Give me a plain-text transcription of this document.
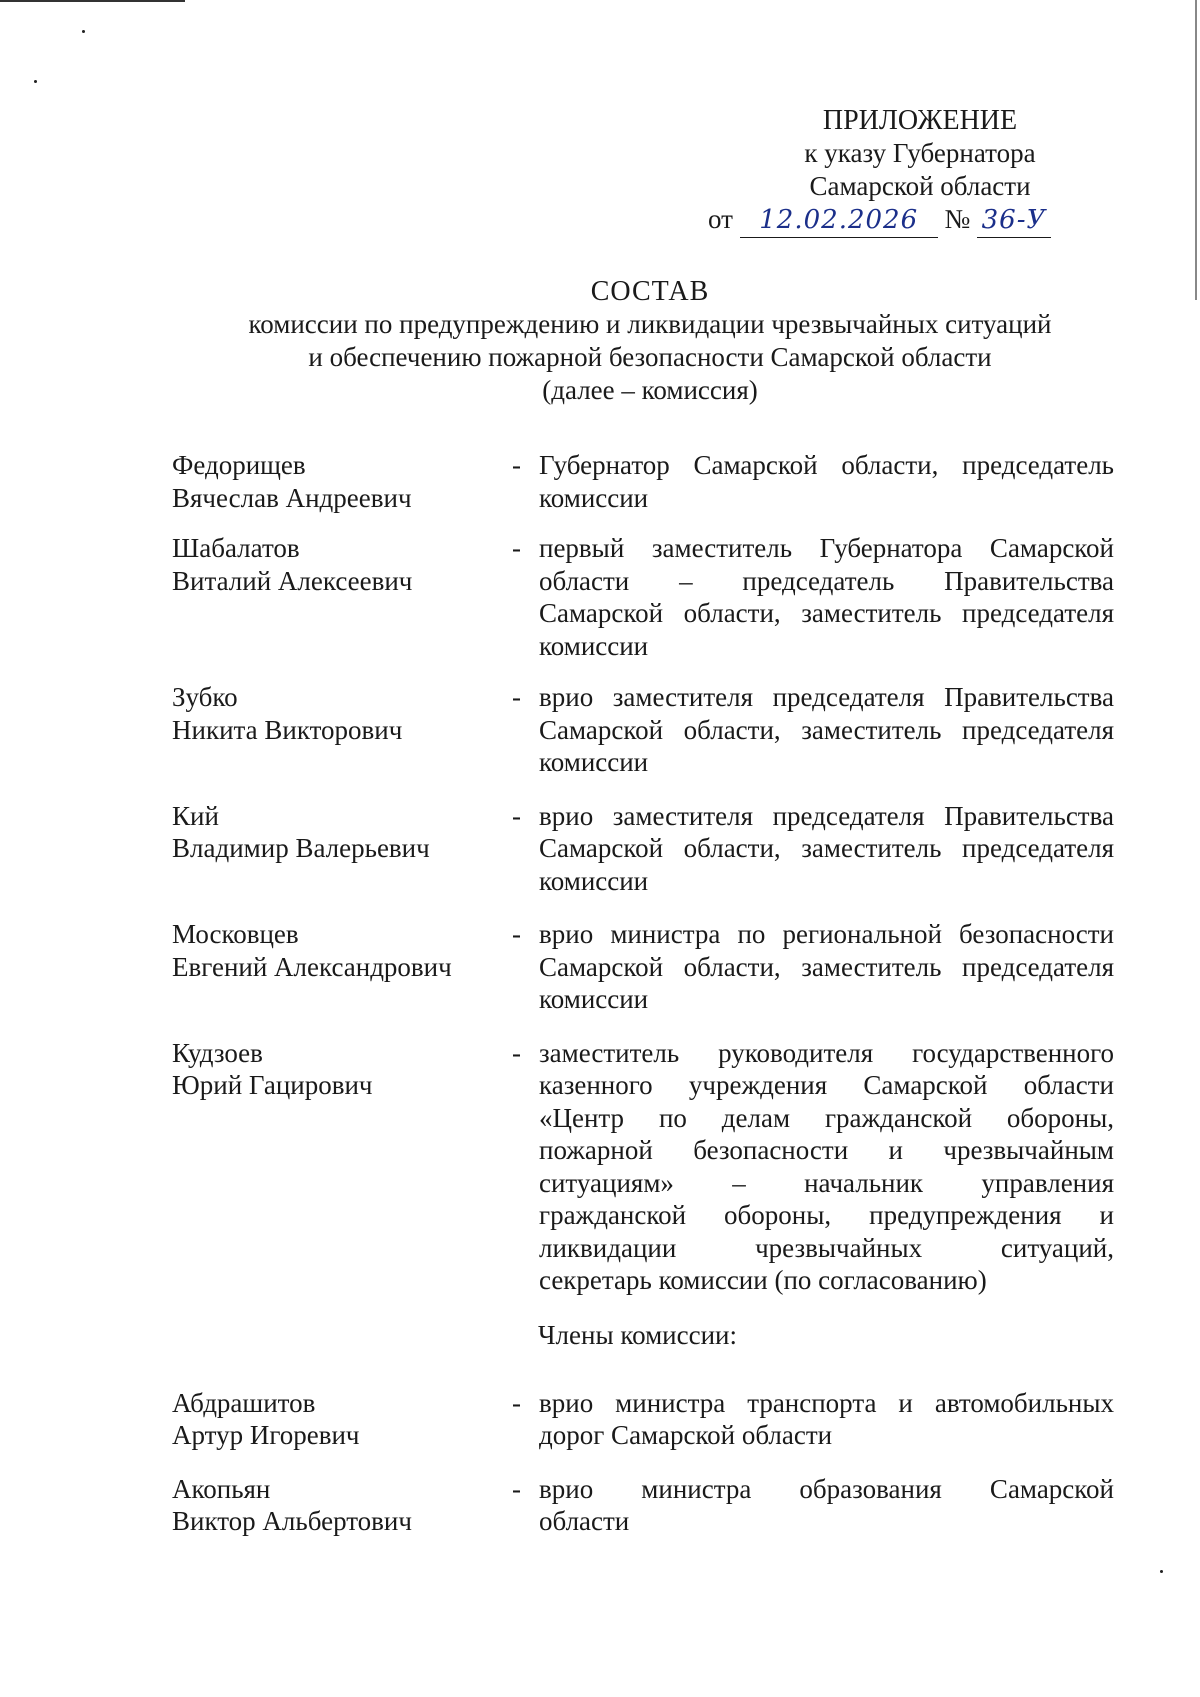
ПРИЛОЖЕНИЕ
к указу Губернатора
Самарской области
от 12.02.2026 № 36-У
СОСТАВ
комиссии по предупреждению и ликвидации чрезвычайных ситуаций
и обеспечению пожарной безопасности Самарской области
(далее – комиссия)
Федорищев
Вячеслав Андреевич
- Губернатор Самарской области, председатель
комиссии
Шабалатов
Виталий Алексеевич
- первый заместитель Губернатора Самарской
области – председатель Правительства
Самарской области, заместитель председателя
комиссии
Зубко
Никита Викторович
- врио заместителя председателя Правительства
Самарской области, заместитель председателя
комиссии
Кий
Владимир Валерьевич
- врио заместителя председателя Правительства
Самарской области, заместитель председателя
комиссии
Московцев
Евгений Александрович
- врио министра по региональной безопасности
Самарской области, заместитель председателя
комиссии
Кудзоев
Юрий Гацирович
- заместитель руководителя государственного
казенного учреждения Самарской области
«Центр по делам гражданской обороны,
пожарной безопасности и чрезвычайным
ситуациям» – начальник управления
гражданской обороны, предупреждения и
ликвидации чрезвычайных ситуаций,
секретарь комиссии (по согласованию)
Члены комиссии:
Абдрашитов
Артур Игоревич
- врио министра транспорта и автомобильных
дорог Самарской области
Акопьян
Виктор Альбертович
- врио министра образования Самарской
области
